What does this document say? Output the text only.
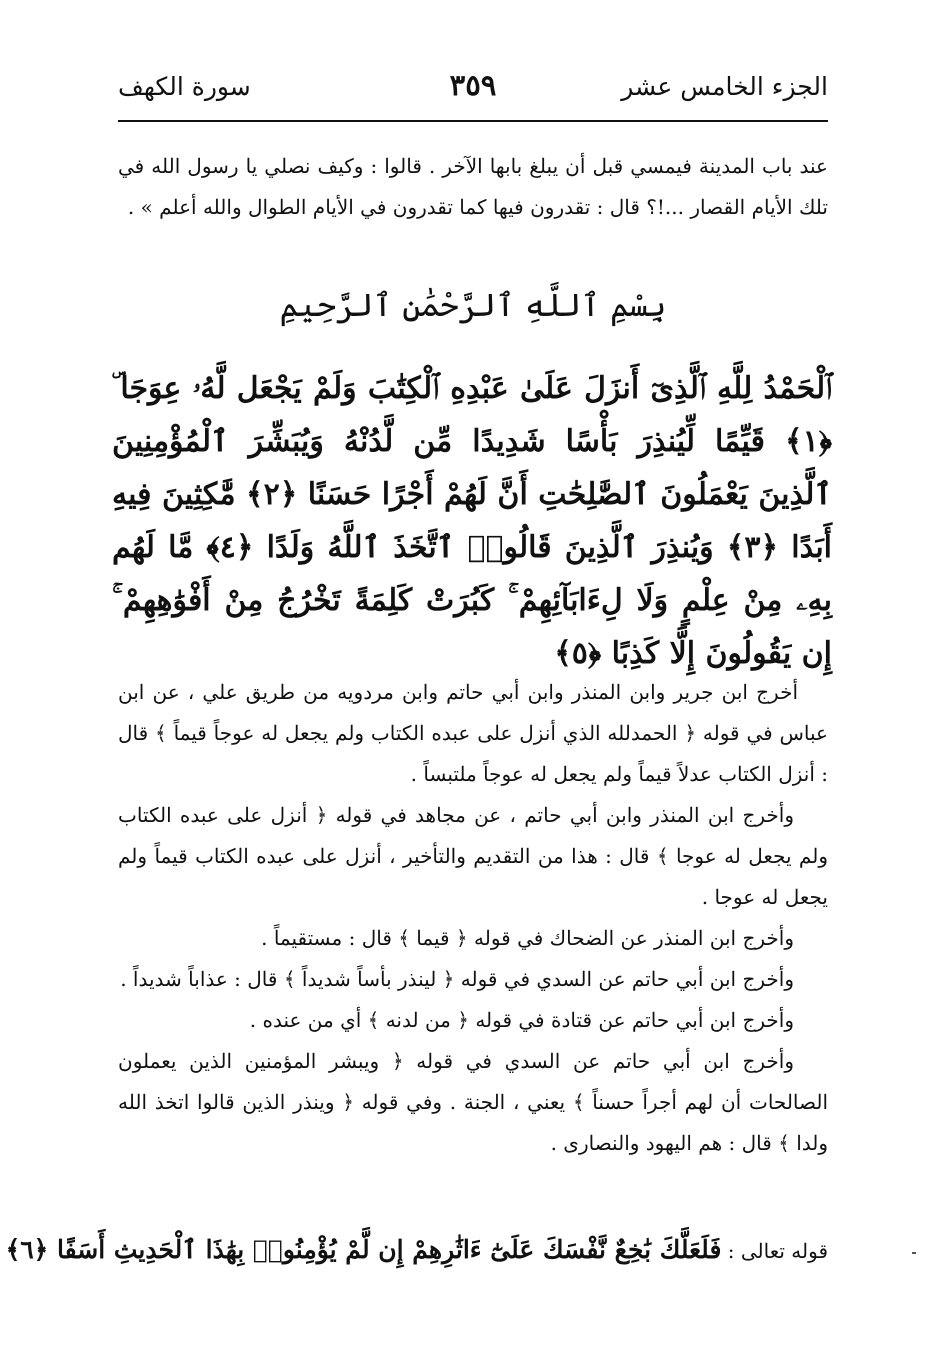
الجزء الخامس عشر
٣٥٩
سورة الكهف
عند باب المدينة فيمسي قبل أن يبلغ بابها الآخر . قالوا : وكيف نصلي يا رسول الله في تلك الأيام القصار ...!؟ قال : تقدرون فيها كما تقدرون في الأيام الطوال والله أعلم » .
بِسْمِ ٱللَّهِ ٱلرَّحْمَٰنِ ٱلرَّحِيمِ
ٱلْحَمْدُ لِلَّهِ ٱلَّذِىٓ أَنزَلَ عَلَىٰ عَبْدِهِ ٱلْكِتَٰبَ وَلَمْ يَجْعَل لَّهُۥ عِوَجَا ۜ ﴿١﴾ قَيِّمًا لِّيُنذِرَ بَأْسًا شَدِيدًا مِّن لَّدُنْهُ وَيُبَشِّرَ ٱلْمُؤْمِنِينَ ٱلَّذِينَ يَعْمَلُونَ ٱلصَّٰلِحَٰتِ أَنَّ لَهُمْ أَجْرًا حَسَنًا ﴿٢﴾ مَّٰكِثِينَ فِيهِ أَبَدًا ﴿٣﴾ وَيُنذِرَ ٱلَّذِينَ قَالُوا۟ ٱتَّخَذَ ٱللَّهُ وَلَدًا ﴿٤﴾ مَّا لَهُم بِهِۦ مِنْ عِلْمٍ وَلَا لِءَابَآئِهِمْ ۚ كَبُرَتْ كَلِمَةً تَخْرُجُ مِنْ أَفْوَٰهِهِمْ ۚ إِن يَقُولُونَ إِلَّا كَذِبًا ﴿٥﴾

أخرج ابن جرير وابن المنذر وابن أبي حاتم وابن مردويه من طريق علي ، عن ابن عباس في قوله ﴿ الحمدلله الذي أنزل على عبده الكتاب ولم يجعل له عوجاً قيماً ﴾ قال : أنزل الكتاب عدلاً قيماً ولم يجعل له عوجاً ملتبساً .

وأخرج ابن المنذر وابن أبي حاتم ، عن مجاهد في قوله ﴿ أنزل على عبده الكتاب ولم يجعل له عوجا ﴾ قال : هذا من التقديم والتأخير ، أنزل على عبده الكتاب قيماً ولم يجعل له عوجا .

وأخرج ابن المنذر عن الضحاك في قوله ﴿ قيما ﴾ قال : مستقيماً .

وأخرج ابن أبي حاتم عن السدي في قوله ﴿ لينذر بأساً شديداً ﴾ قال : عذاباً شديداً .

وأخرج ابن أبي حاتم عن قتادة في قوله ﴿ من لدنه ﴾ أي من عنده .

وأخرج ابن أبي حاتم عن السدي في قوله ﴿ ويبشر المؤمنين الذين يعملون الصالحات أن لهم أجراً حسناً ﴾ يعني ، الجنة . وفي قوله ﴿ وينذر الذين قالوا اتخذ الله ولدا ﴾ قال : هم اليهود والنصارى .

قوله تعالى : فَلَعَلَّكَ بَٰخِعٌ نَّفْسَكَ عَلَىٰٓ ءَاثَٰرِهِمْ إِن لَّمْ يُؤْمِنُوا۟ بِهَٰذَا ٱلْحَدِيثِ أَسَفًا ﴿٦﴾
